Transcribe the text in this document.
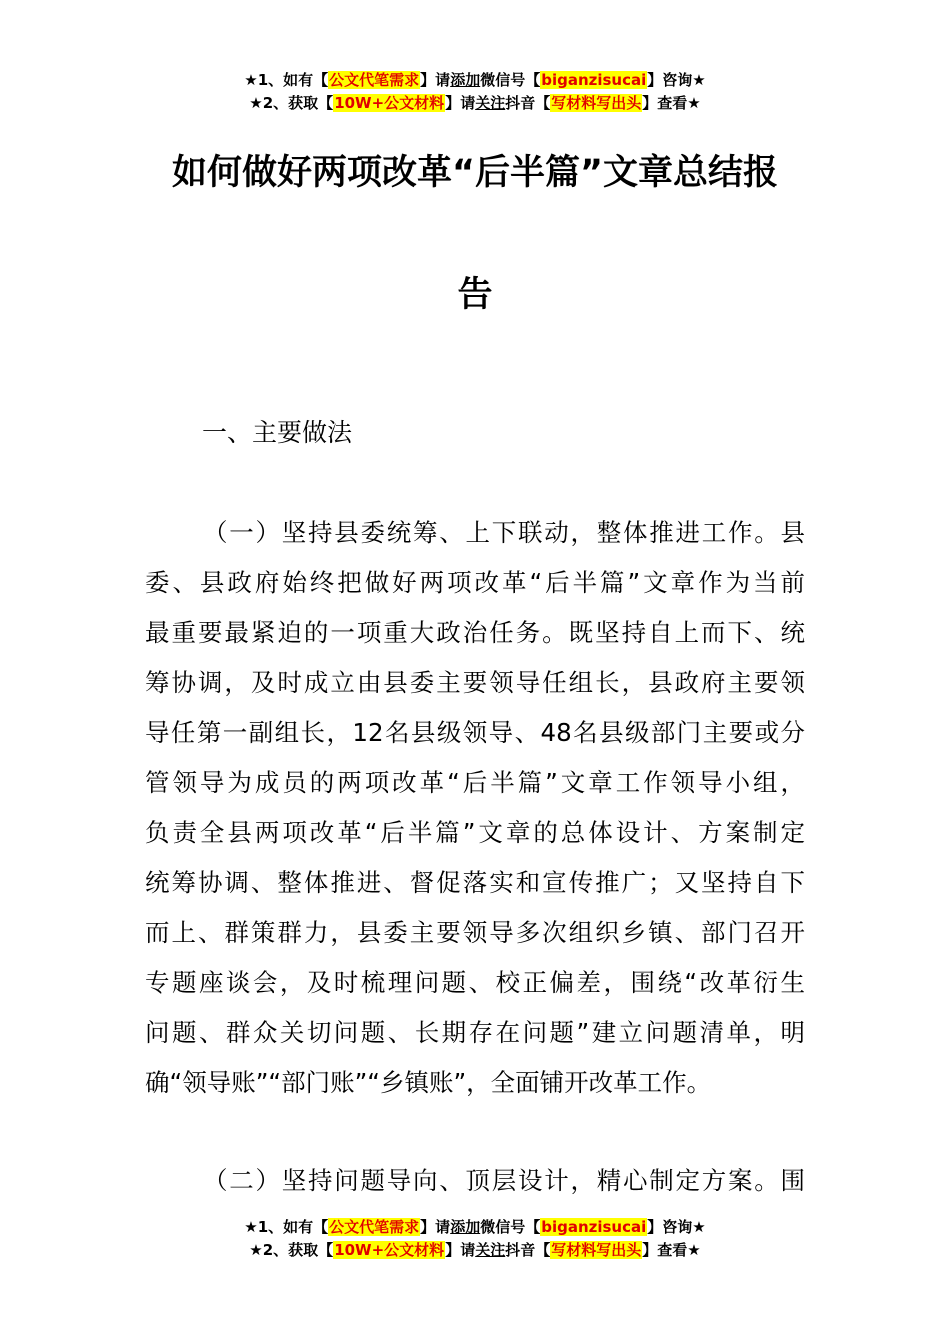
★1、如有【公文代笔需求】请添加微信号【biganzisucai】咨询★
★2、获取【10W+公文材料】请关注抖音【写材料写出头】查看★
如何做好两项改革“后半篇”文章总结报
告
一、主要做法
（一）坚持县委统筹、上下联动，整体推进工作。县
委、县政府始终把做好两项改革“后半篇”文章作为当前
最重要最紧迫的一项重大政治任务。既坚持自上而下、统
筹协调，及时成立由县委主要领导任组长，县政府主要领
导任第一副组长，12名县级领导、48名县级部门主要或分
管领导为成员的两项改革“后半篇”文章工作领导小组，
负责全县两项改革“后半篇”文章的总体设计、方案制定
统筹协调、整体推进、督促落实和宣传推广；又坚持自下
而上、群策群力，县委主要领导多次组织乡镇、部门召开
专题座谈会，及时梳理问题、校正偏差，围绕“改革衍生
问题、群众关切问题、长期存在问题”建立问题清单，明
确“领导账”“部门账”“乡镇账”，全面铺开改革工作。
（二）坚持问题导向、顶层设计，精心制定方案。围
★1、如有【公文代笔需求】请添加微信号【biganzisucai】咨询★
★2、获取【10W+公文材料】请关注抖音【写材料写出头】查看★
